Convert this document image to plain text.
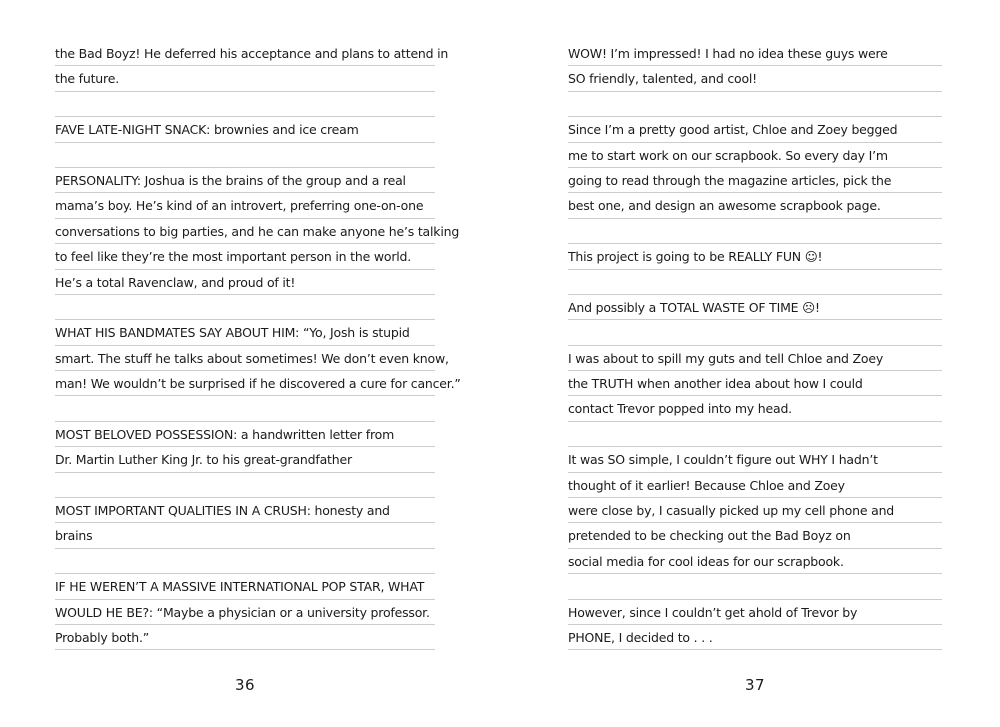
the Bad Boyz! He deferred his acceptance and plans to attend in
the future.
FAVE LATE-NIGHT SNACK: brownies and ice cream
PERSONALITY: Joshua is the brains of the group and a real
mama’s boy. He’s kind of an introvert, preferring one-on-one
conversations to big parties, and he can make anyone he’s talking
to feel like they’re the most important person in the world.
He’s a total Ravenclaw, and proud of it!
WHAT HIS BANDMATES SAY ABOUT HIM: “Yo, Josh is stupid
smart. The stuff he talks about sometimes! We don’t even know,
man! We wouldn’t be surprised if he discovered a cure for cancer.”
MOST BELOVED POSSESSION: a handwritten letter from
Dr. Martin Luther King Jr. to his great-grandfather
MOST IMPORTANT QUALITIES IN A CRUSH: honesty and
brains
IF HE WEREN’T A MASSIVE INTERNATIONAL POP STAR, WHAT
WOULD HE BE?: “Maybe a physician or a university professor.
Probably both.”
36
WOW! I’m impressed! I had no idea these guys were
SO friendly, talented, and cool!
Since I’m a pretty good artist, Chloe and Zoey begged
me to start work on our scrapbook. So every day I’m
going to read through the magazine articles, pick the
best one, and design an awesome scrapbook page.
This project is going to be REALLY FUN ☺!
And possibly a TOTAL WASTE OF TIME ☹!
I was about to spill my guts and tell Chloe and Zoey
the TRUTH when another idea about how I could
contact Trevor popped into my head.
It was SO simple, I couldn’t figure out WHY I hadn’t
thought of it earlier! Because Chloe and Zoey
were close by, I casually picked up my cell phone and
pretended to be checking out the Bad Boyz on
social media for cool ideas for our scrapbook.
However, since I couldn’t get ahold of Trevor by
PHONE, I decided to . . .
37
